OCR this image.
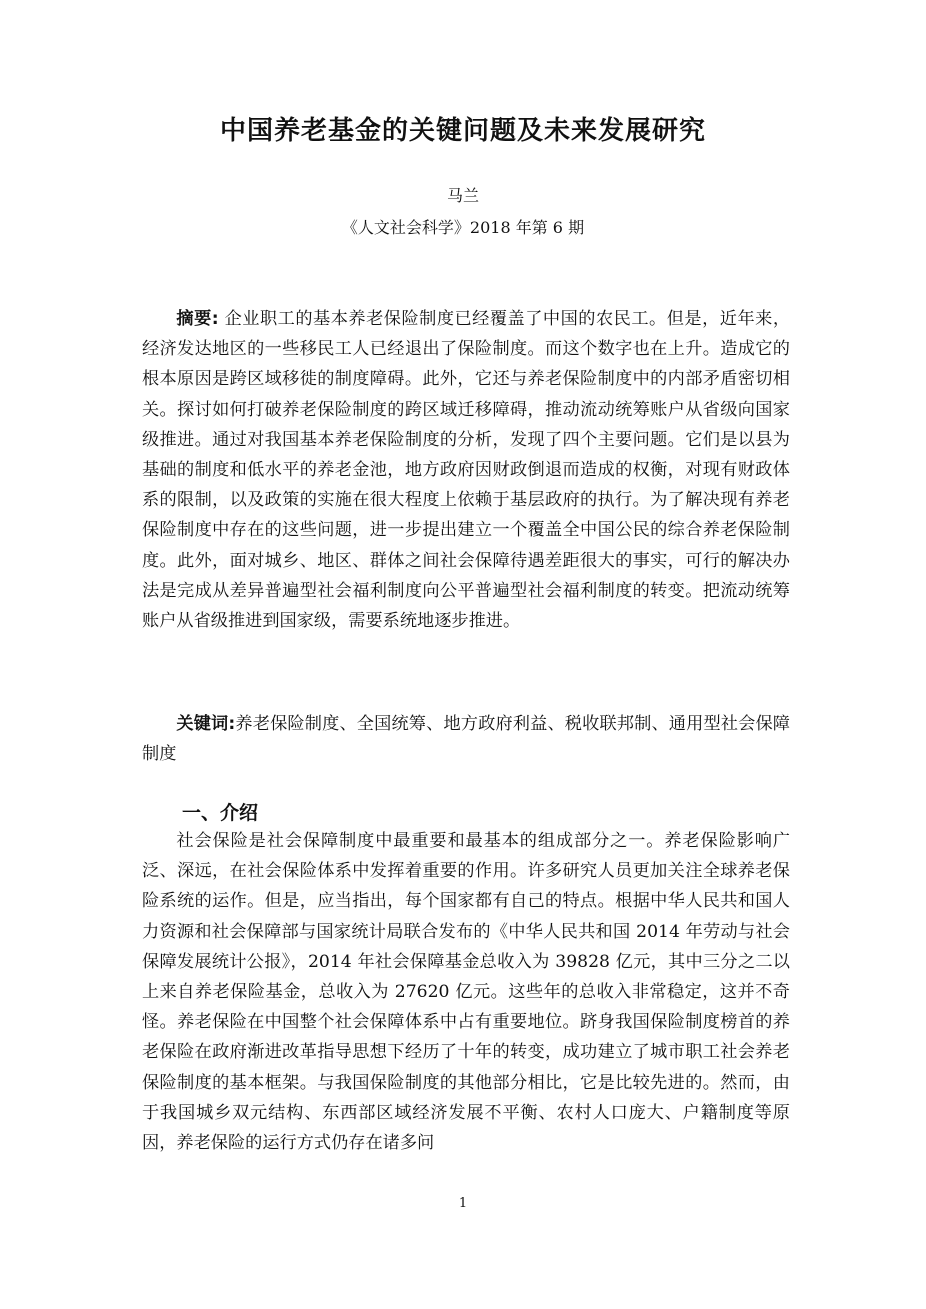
中国养老基金的关键问题及未来发展研究
马兰
《人文社会科学》2018 年第 6 期

摘要: 企业职工的基本养老保险制度已经覆盖了中国的农民工。但是，近年来，经济发达地区的一些移民工人已经退出了保险制度。而这个数字也在上升。造成它的根本原因是跨区域移徙的制度障碍。此外，它还与养老保险制度中的内部矛盾密切相关。探讨如何打破养老保险制度的跨区域迁移障碍，推动流动统筹账户从省级向国家级推进。通过对我国基本养老保险制度的分析，发现了四个主要问题。它们是以县为基础的制度和低水平的养老金池，地方政府因财政倒退而造成的权衡，对现有财政体系的限制，以及政策的实施在很大程度上依赖于基层政府的执行。为了解决现有养老保险制度中存在的这些问题，进一步提出建立一个覆盖全中国公民的综合养老保险制度。此外，面对城乡、地区、群体之间社会保障待遇差距很大的事实，可行的解决办法是完成从差异普遍型社会福利制度向公平普遍型社会福利制度的转变。把流动统筹账户从省级推进到国家级，需要系统地逐步推进。

关键词:养老保险制度、全国统筹、地方政府利益、税收联邦制、通用型社会保障制度

一、介绍

社会保险是社会保障制度中最重要和最基本的组成部分之一。养老保险影响广泛、深远，在社会保险体系中发挥着重要的作用。许多研究人员更加关注全球养老保险系统的运作。但是，应当指出，每个国家都有自己的特点。根据中华人民共和国人力资源和社会保障部与国家统计局联合发布的《中华人民共和国 2014 年劳动与社会保障发展统计公报》，2014 年社会保障基金总收入为 39828 亿元，其中三分之二以上来自养老保险基金，总收入为 27620 亿元。这些年的总收入非常稳定，这并不奇怪。养老保险在中国整个社会保障体系中占有重要地位。跻身我国保险制度榜首的养老保险在政府渐进改革指导思想下经历了十年的转变，成功建立了城市职工社会养老保险制度的基本框架。与我国保险制度的其他部分相比，它是比较先进的。然而，由于我国城乡双元结构、东西部区域经济发展不平衡、农村人口庞大、户籍制度等原因，养老保险的运行方式仍存在诸多问

1
